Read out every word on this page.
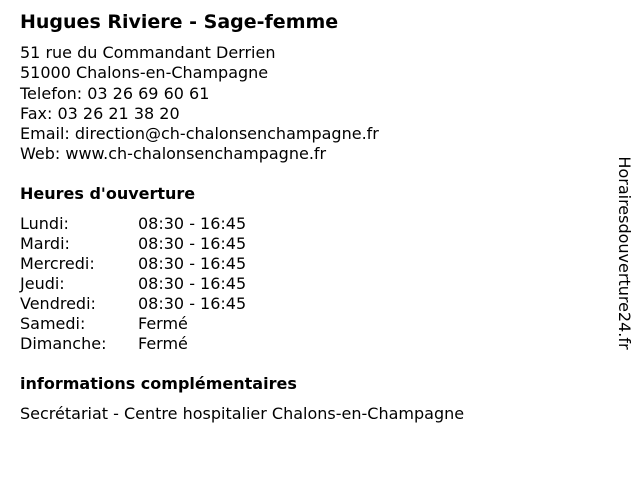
Hugues Riviere - Sage-femme
51 rue du Commandant Derrien
51000 Chalons-en-Champagne
Telefon: 03 26 69 60 61
Fax: 03 26 21 38 20
Email: direction@ch-chalonsenchampagne.fr
Web: www.ch-chalonsenchampagne.fr
Heures d'ouverture
Lundi:	08:30 - 16:45
Mardi:	08:30 - 16:45
Mercredi:	08:30 - 16:45
Jeudi:	08:30 - 16:45
Vendredi:	08:30 - 16:45
Samedi:	Fermé
Dimanche: Fermé
informations complémentaires
Secrétariat - Centre hospitalier Chalons-en-Champagne
Horairesdouverture24.fr
